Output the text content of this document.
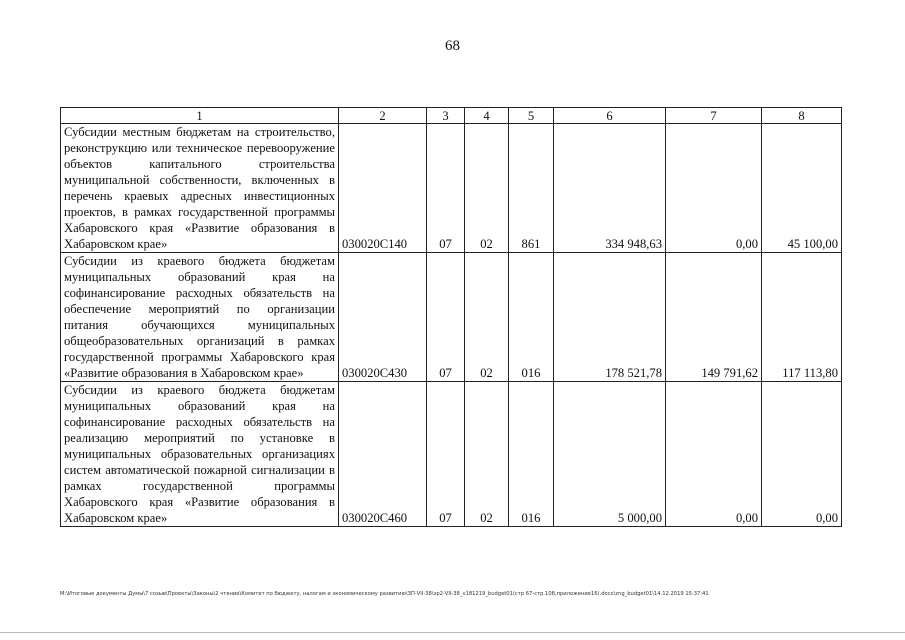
68
1	2	3	4	5	6	7	8
Субсидии местным бюджетам на строительство, реконструкцию или техническое перевооружение объектов капитального строительства муниципальной собственности, включенных в перечень краевых адресных инвестиционных проектов, в рамках государственной программы Хабаровского края «Развитие образования в Хабаровском крае»	030020С140	07	02	861	334 948,63	0,00	45 100,00
Субсидии из краевого бюджета бюджетам муниципальных образований края на софинансирование расходных обязательств на обеспечение мероприятий по организации питания обучающихся муниципальных общеобразовательных организаций в рамках государственной программы Хабаровского края «Развитие образования в Хабаровском крае»	030020С430	07	02	016	178 521,78	149 791,62	117 113,80
Субсидии из краевого бюджета бюджетам муниципальных образований края на софинансирование расходных обязательств на реализацию мероприятий по установке в муниципальных образовательных организациях систем автоматической пожарной сигнализации в рамках государственной программы Хабаровского края «Развитие образования в Хабаровском крае»	030020С460	07	02	016	5 000,00	0,00	0,00
М:\Итоговые документы Думы\7 созыв\Проекты\Законы\2 чтение\Комитет по бюджету, налогам и экономическому развитию\ЗП-VII-38\зр2-VII-38_v181219_budget01(стр 67-стр.108,приложение16).docx\zng_budget01\14.12.2019 15:37:41
